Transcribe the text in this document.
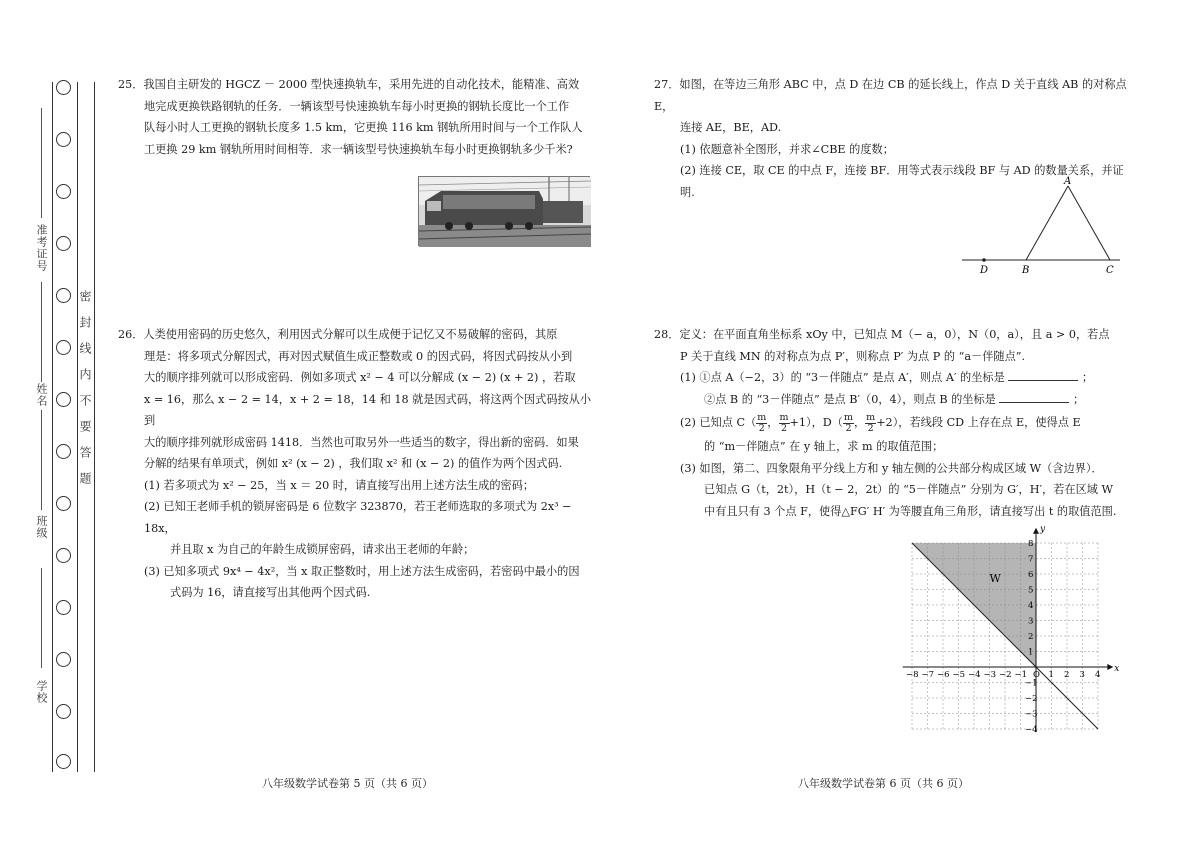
准考证号
姓名
班级
学校
密封线内不要答题

25．我国自主研发的 HGCZ － 2000 型快速换轨车，采用先进的自动化技术，能精准、高效

地完成更换铁路钢轨的任务．一辆该型号快速换轨车每小时更换的钢轨长度比一个工作

队每小时人工更换的钢轨长度多 1.5 km，它更换 116 km 钢轨所用时间与一个工作队人

工更换 29 km 钢轨所用时间相等．求一辆该型号快速换轨车每小时更换钢轨多少千米?

26．人类使用密码的历史悠久，利用因式分解可以生成便于记忆又不易破解的密码，其原

理是：将多项式分解因式，再对因式赋值生成正整数或 0 的因式码，将因式码按从小到

大的顺序排列就可以形成密码．例如多项式 x² − 4 可以分解成 (x − 2) (x + 2) ，若取

x = 16，那么 x − 2 = 14，x + 2 = 18，14 和 18 就是因式码，将这两个因式码按从小到

大的顺序排列就形成密码 1418．当然也可取另外一些适当的数字，得出新的密码．如果

分解的结果有单项式，例如 x² (x − 2) ，我们取 x² 和 (x − 2) 的值作为两个因式码.

(1) 若多项式为 x² − 25，当 x ＝ 20 时，请直接写出用上述方法生成的密码；

(2) 已知王老师手机的锁屏密码是 6 位数字 323870，若王老师选取的多项式为 2x³ − 18x，

并且取 x 为自己的年龄生成锁屏密码，请求出王老师的年龄；

(3) 已知多项式 9x⁴ − 4x²，当 x 取正整数时，用上述方法生成密码，若密码中最小的因

式码为 16，请直接写出其他两个因式码.

八年级数学试卷第 5 页（共 6 页）

27．如图，在等边三角形 ABC 中，点 D 在边 CB 的延长线上，作点 D 关于直线 AB 的对称点 E，

连接 AE，BE，AD.

(1) 依题意补全图形，并求∠CBE 的度数；

(2) 连接 CE，取 CE 的中点 F，连接 BF．用等式表示线段 BF 与 AD 的数量关系，并证明.

A
D	B	C

28．定义：在平面直角坐标系 xOy 中，已知点 M（− a，0），N（0，a），且 a > 0，若点

P 关于直线 MN 的对称点为点 P′，则称点 P′ 为点 P 的 “a－伴随点”.

(1) ①点 A（−2，3）的 “3－伴随点” 是点 A′，则点 A′ 的坐标是	；

②点 B 的 “3－伴随点” 是点 B′（0，4），则点 B 的坐标是	；

(2) 已知点 $C( \frac{m}{2}$ ， $\frac{m}{2} +1$），$D( \frac{m}{2}$ ， $\frac{m}{2} +2$），若线段 CD 上存在点 E，使得点 E

的 “m－伴随点” 在 y 轴上，求 m 的取值范围；

(3) 如图，第二、四象限角平分线上方和 y 轴左侧的公共部分构成区域 W（含边界）．

已知点 G（t，2t），H（t − 2，2t）的 “5－伴随点” 分别为 G′，H′，若在区域 W

中有且只有 3 个点 F，使得△FG′ H′ 为等腰直角三角形，请直接写出 t 的取值范围.

x
y
−8 −7 −6 −5 −4 −3 −2 −1 O 1 2 3 4
8
7
6
5
4
3
2
1
−1
−2
−3
−4
W
八年级数学试卷第 6 页（共 6 页）
